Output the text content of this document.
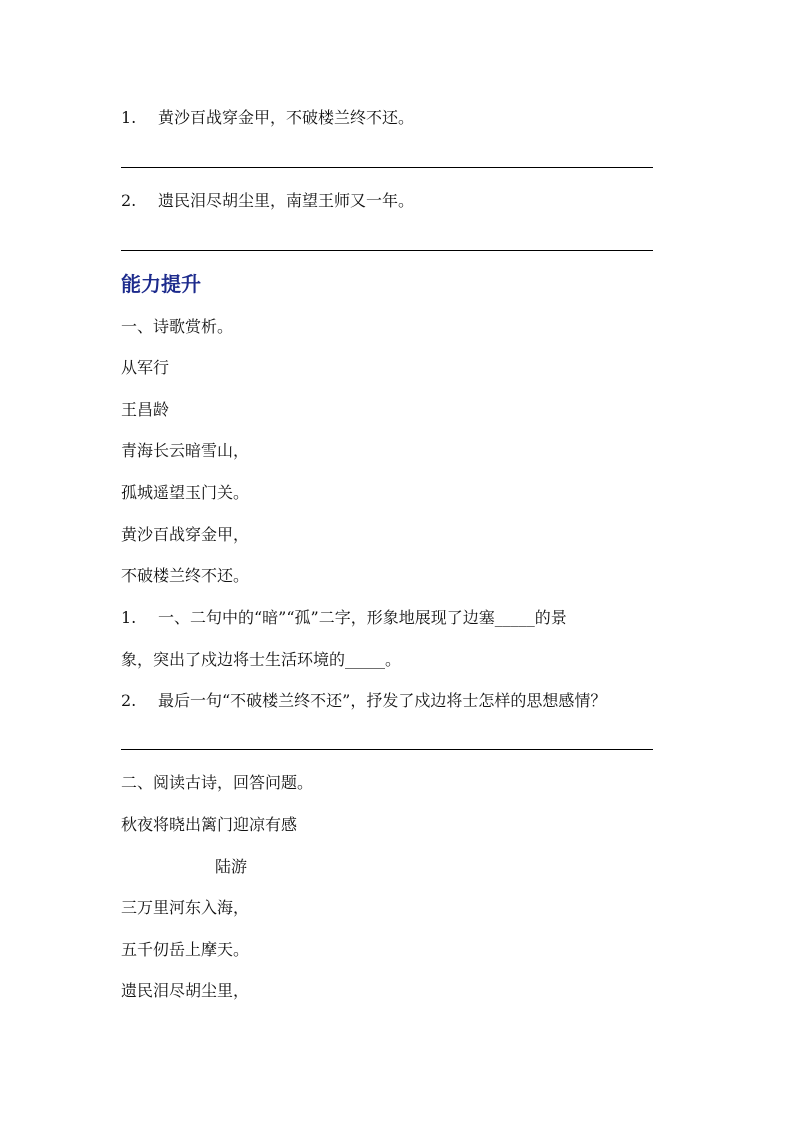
1. 黄沙百战穿金甲，不破楼兰终不还。
2. 遗民泪尽胡尘里，南望王师又一年。
能力提升
一、诗歌赏析。
从军行
王昌龄
青海长云暗雪山，
孤城遥望玉门关。
黄沙百战穿金甲，
不破楼兰终不还。
1. 一、二句中的“暗”“孤”二字，形象地展现了边塞_____的景
象，突出了戍边将士生活环境的_____。
2. 最后一句“不破楼兰终不还”，抒发了戍边将士怎样的思想感情？
二、阅读古诗，回答问题。
秋夜将晓出篱门迎凉有感
陆游
三万里河东入海，
五千仞岳上摩天。
遗民泪尽胡尘里，
